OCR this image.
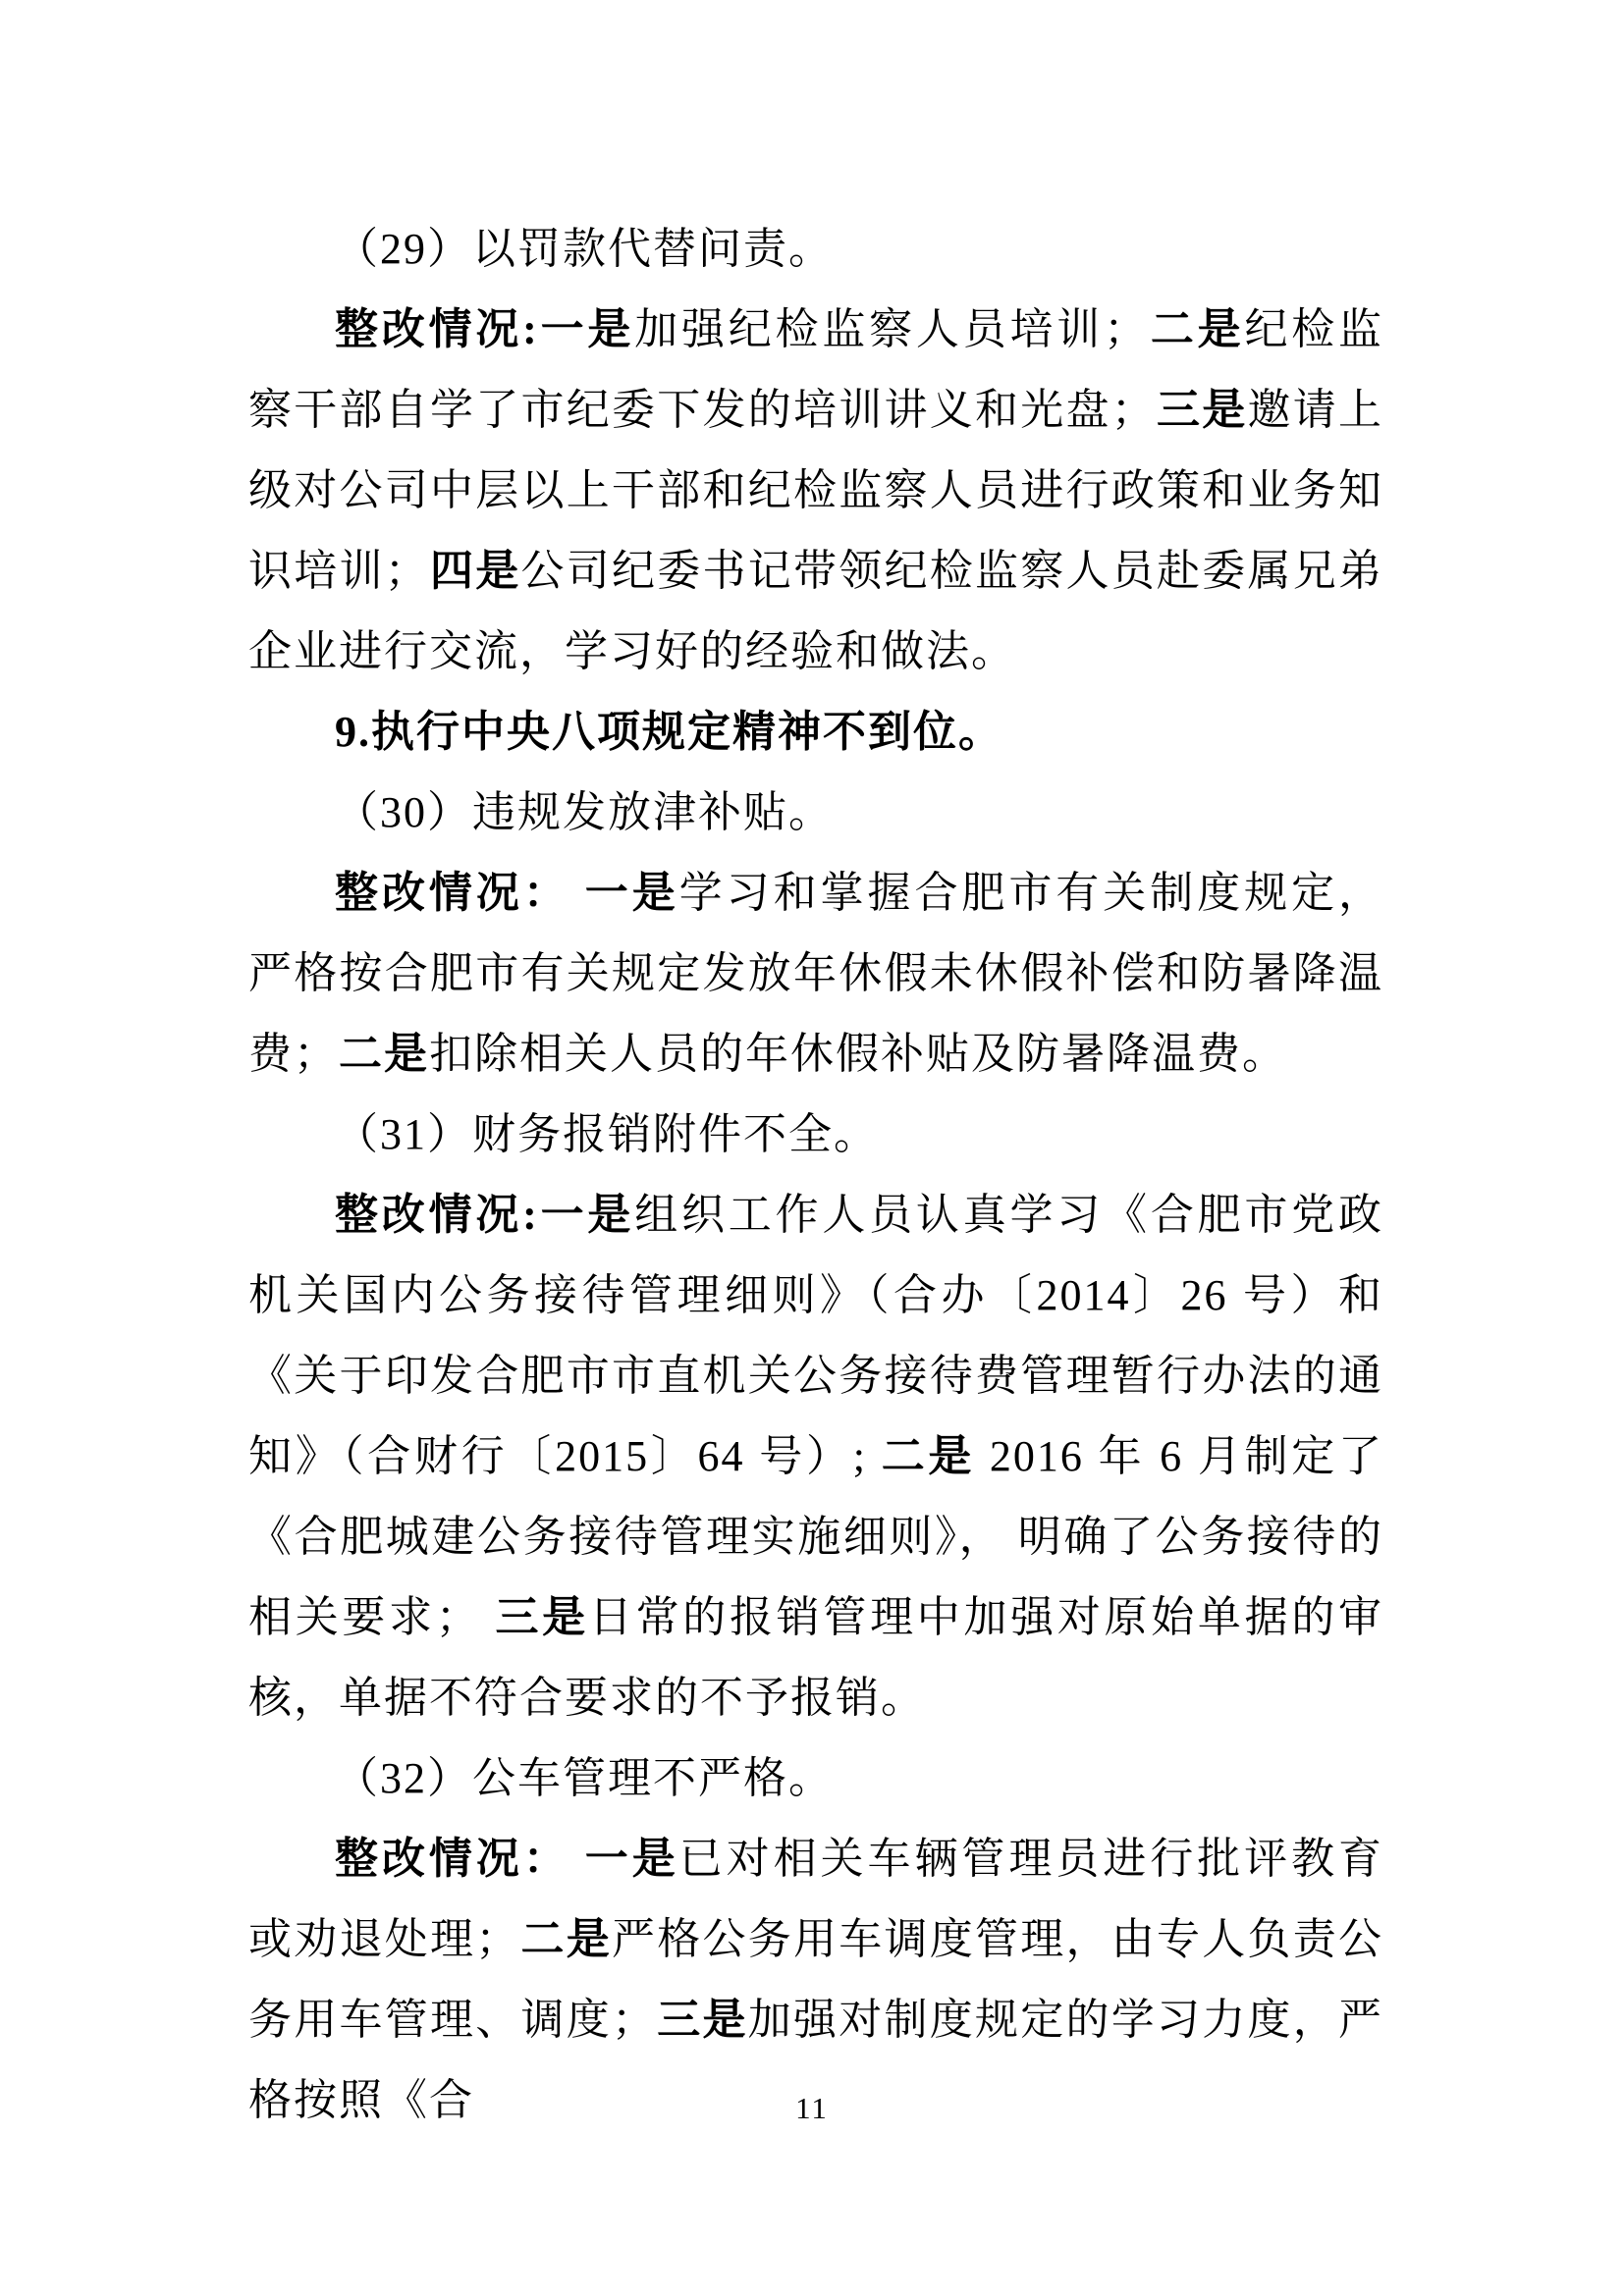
（29）以罚款代替问责。

整改情况:一是加强纪检监察人员培训；二是纪检监察干部自学了市纪委下发的培训讲义和光盘；三是邀请上级对公司中层以上干部和纪检监察人员进行政策和业务知识培训；四是公司纪委书记带领纪检监察人员赴委属兄弟企业进行交流，学习好的经验和做法。

9.执行中央八项规定精神不到位。

（30）违规发放津补贴。

整改情况： 一是学习和掌握合肥市有关制度规定，严格按合肥市有关规定发放年休假未休假补偿和防暑降温费；二是扣除相关人员的年休假补贴及防暑降温费。

（31）财务报销附件不全。

整改情况:一是组织工作人员认真学习《合肥市党政机关国内公务接待管理细则》（合办〔2014〕26 号）和《关于印发合肥市市直机关公务接待费管理暂行办法的通知》（合财行〔2015〕64 号）; 二是 2016 年 6 月制定了《合肥城建公务接待管理实施细则》， 明确了公务接待的相关要求； 三是日常的报销管理中加强对原始单据的审核，单据不符合要求的不予报销。

（32）公车管理不严格。

整改情况： 一是已对相关车辆管理员进行批评教育或劝退处理；二是严格公务用车调度管理，由专人负责公务用车管理、调度；三是加强对制度规定的学习力度，严格按照《合	11
